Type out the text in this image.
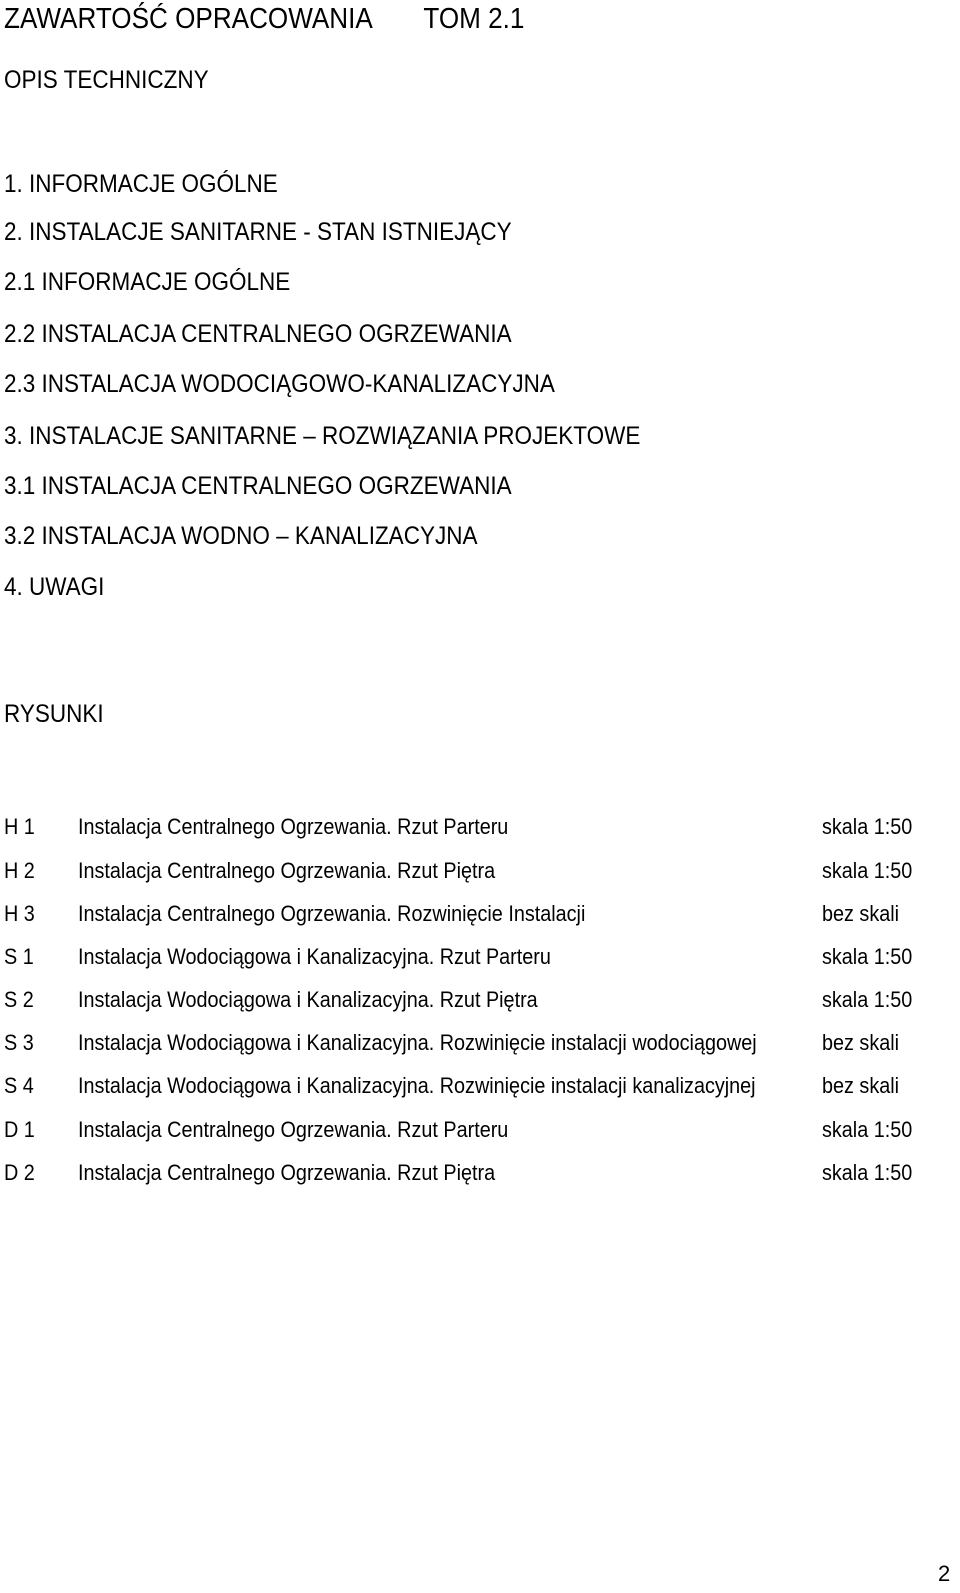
ZAWARTOŚĆ OPRACOWANIA TOM 2.1
OPIS TECHNICZNY
1. INFORMACJE OGÓLNE
2. INSTALACJE SANITARNE - STAN ISTNIEJĄCY
2.1 INFORMACJE OGÓLNE
2.2 INSTALACJA CENTRALNEGO OGRZEWANIA
2.3 INSTALACJA WODOCIĄGOWO-KANALIZACYJNA
3. INSTALACJE SANITARNE – ROZWIĄZANIA PROJEKTOWE
3.1 INSTALACJA CENTRALNEGO OGRZEWANIA
3.2 INSTALACJA WODNO – KANALIZACYJNA
4. UWAGI
RYSUNKI
H 1 Instalacja Centralnego Ogrzewania. Rzut Parteru	skala 1:50
H 2 Instalacja Centralnego Ogrzewania. Rzut Piętra	skala 1:50
H 3 Instalacja Centralnego Ogrzewania. Rozwinięcie Instalacji	bez skali
S 1 Instalacja Wodociągowa i Kanalizacyjna. Rzut Parteru	skala 1:50
S 2 Instalacja Wodociągowa i Kanalizacyjna. Rzut Piętra	skala 1:50
S 3 Instalacja Wodociągowa i Kanalizacyjna. Rozwinięcie instalacji wodociągowej	bez skali
S 4 Instalacja Wodociągowa i Kanalizacyjna. Rozwinięcie instalacji kanalizacyjnej	bez skali
D 1 Instalacja Centralnego Ogrzewania. Rzut Parteru	skala 1:50
D 2 Instalacja Centralnego Ogrzewania. Rzut Piętra	skala 1:50
2
